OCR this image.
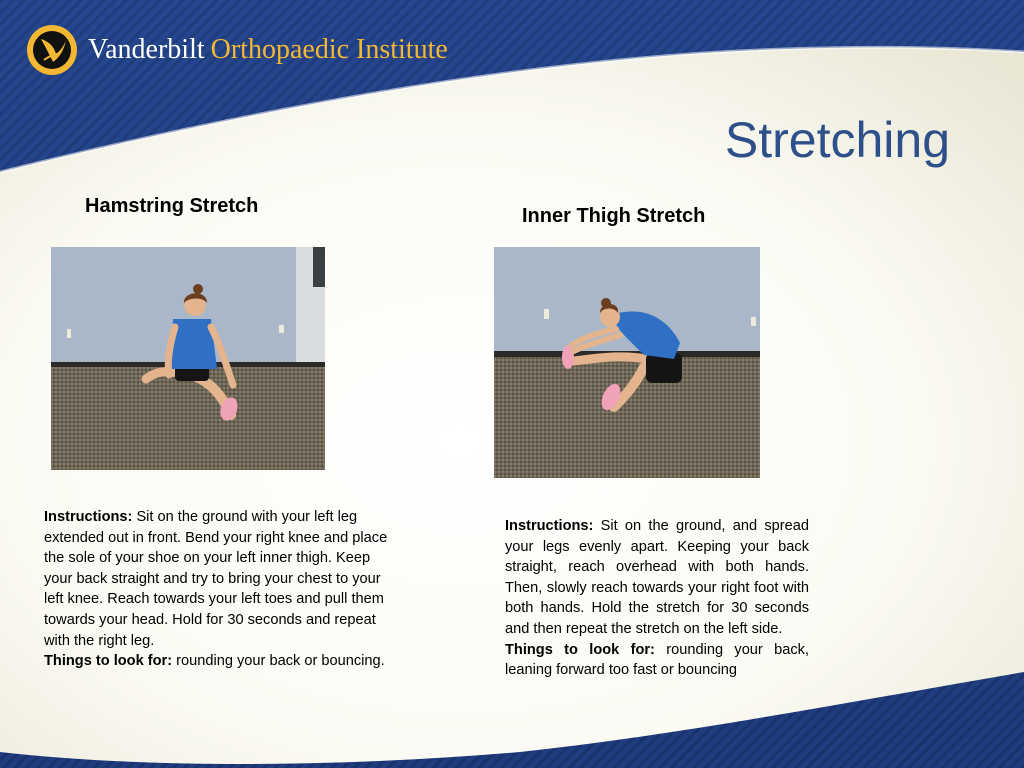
Vanderbilt Orthopaedic Institute
Stretching
Hamstring Stretch	Inner Thigh Stretch
Instructions: Sit on the ground with your left leg extended out in front. Bend your right knee and place the sole of your shoe on your left inner thigh. Keep your back straight and try to bring your chest to your left knee. Reach towards your left toes and pull them towards your head. Hold for 30 seconds and repeat with the right leg.
Things to look for: rounding your back or bouncing.
Instructions: Sit on the ground, and spread your legs evenly apart. Keeping your back straight, reach overhead with both hands. Then, slowly reach towards your right foot with both hands. Hold the stretch for 30 seconds and then repeat the stretch on the left side.
Things to look for: rounding your back, leaning forward too fast or bouncing
